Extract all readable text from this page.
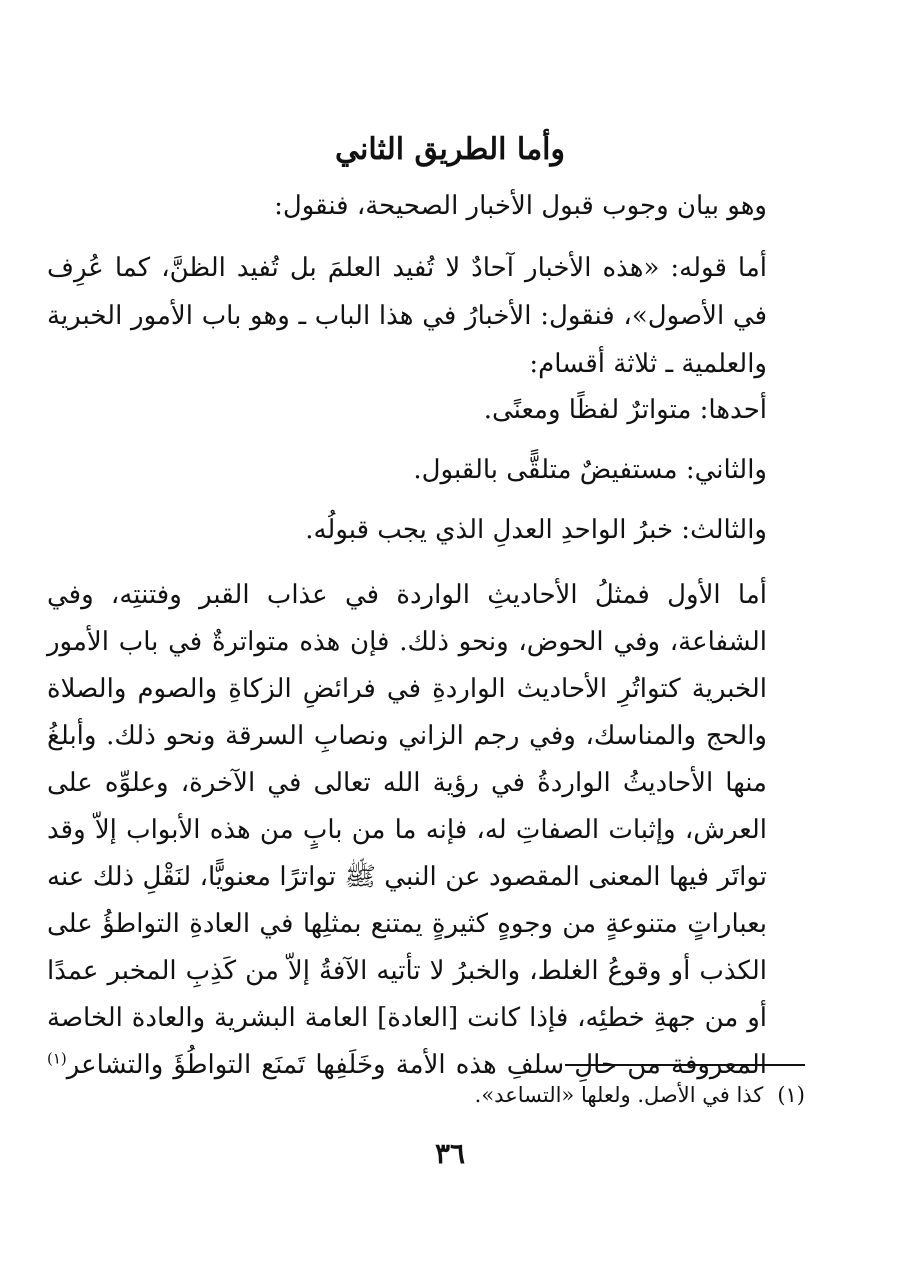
وأما الطريق الثاني

وهو بيان وجوب قبول الأخبار الصحيحة، فنقول:

أما قوله: «هذه الأخبار آحادٌ لا تُفيد العلمَ بل تُفيد الظنَّ، كما عُرِف في الأصول»، فنقول: الأخبارُ في هذا الباب ـ وهو باب الأمور الخبرية والعلمية ـ ثلاثة أقسام:

أحدها: متواترٌ لفظًا ومعنًى.

والثاني: مستفيضٌ متلقًّى بالقبول.

والثالث: خبرُ الواحدِ العدلِ الذي يجب قبولُه.

أما الأول فمثلُ الأحاديثِ الواردة في عذاب القبر وفتنتِه، وفي الشفاعة، وفي الحوض، ونحو ذلك. فإن هذه متواترةٌ في باب الأمور الخبرية كتواتُرِ الأحاديث الواردةِ في فرائضِ الزكاةِ والصوم والصلاة والحج والمناسك، وفي رجم الزاني ونصابِ السرقة ونحو ذلك. وأبلغُ منها الأحاديثُ الواردةُ في رؤية الله تعالى في الآخرة، وعلوِّه على العرش، وإثبات الصفاتِ له، فإنه ما من بابٍ من هذه الأبواب إلاّ وقد تواتَر فيها المعنى المقصود عن النبي ﷺ تواترًا معنويًّا، لنَقْلِ ذلك عنه بعباراتٍ متنوعةٍ من وجوهٍ كثيرةٍ يمتنع بمثلِها في العادةِ التواطؤُ على الكذب أو وقوعُ الغلط، والخبرُ لا تأتيه الآفةُ إلاّ من كَذِبِ المخبر عمدًا أو من جهةِ خطئِه، فإذا كانت [العادة] العامة البشرية والعادة الخاصة المعروفة من حالِ سلفِ هذه الأمة وخَلَفِها تَمنَع التواطُؤَ والتشاعر$^{(١)}$

(١)كذا في الأصل. ولعلها «التساعد».

٣٦
